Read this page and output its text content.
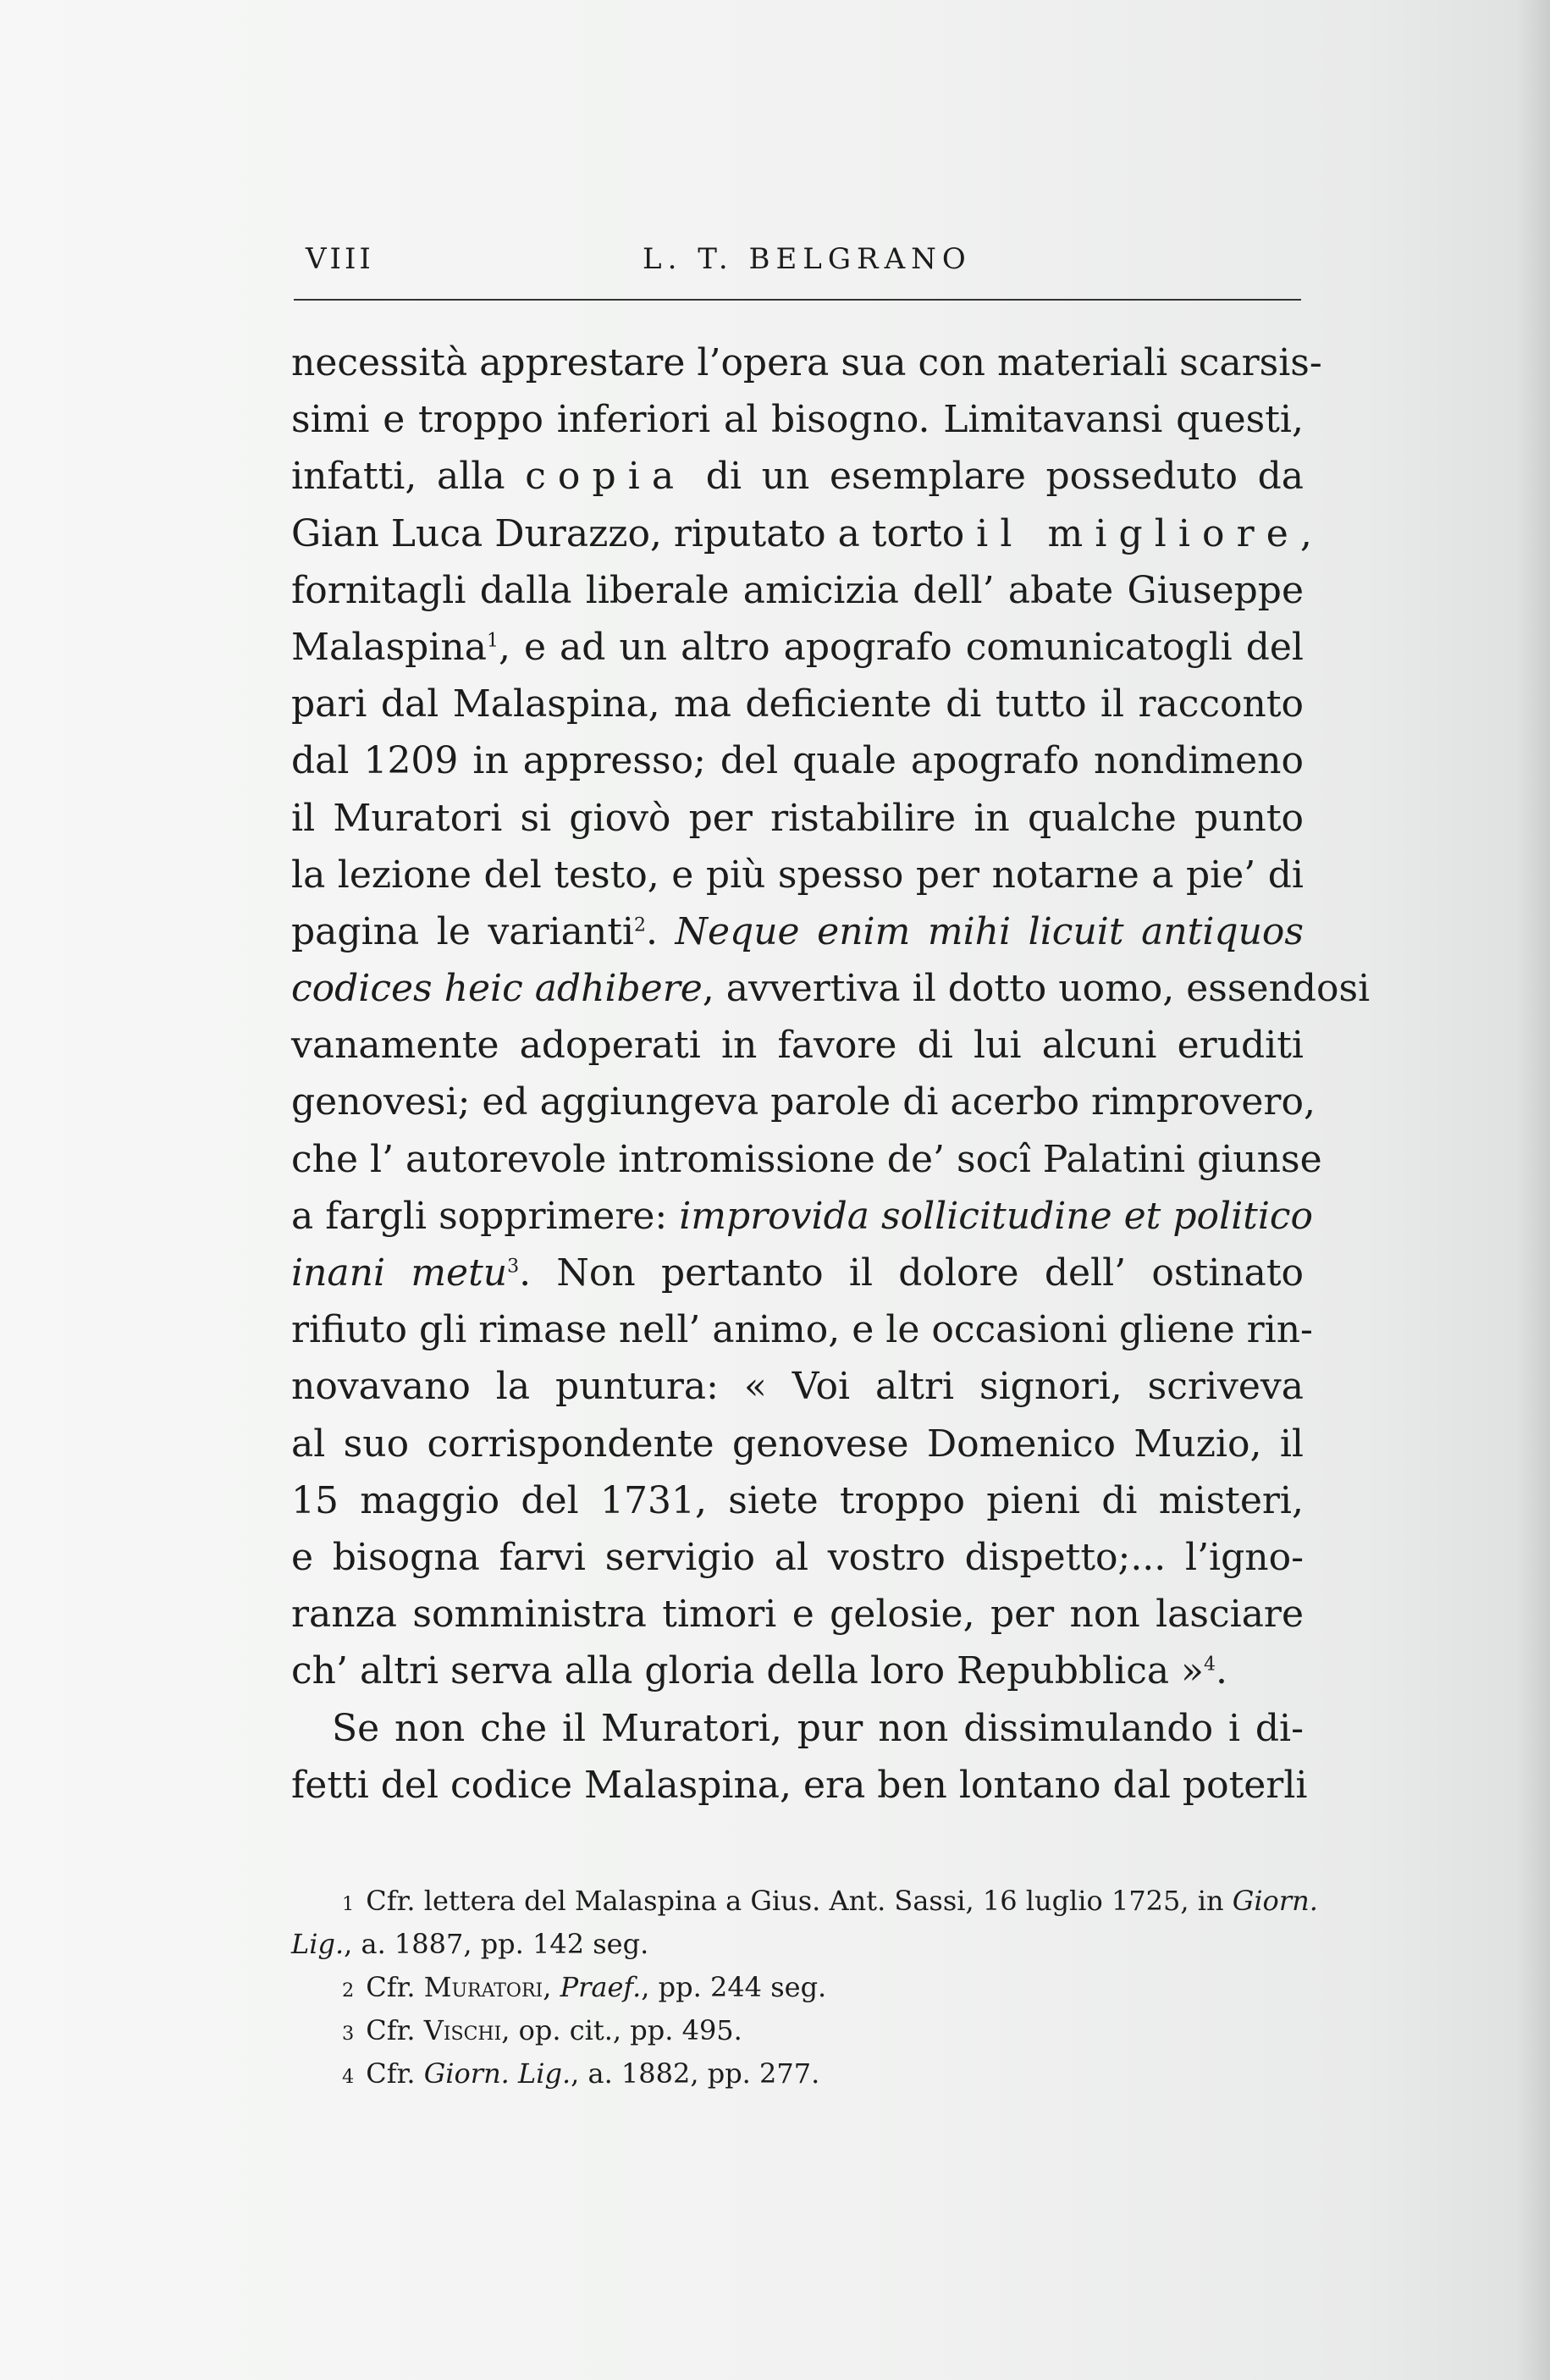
VIII	L. T. BELGRANO
necessità apprestare l’opera sua con materiali scarsis-
simi e troppo inferiori al bisogno. Limitavansi questi,
infatti, alla copia di un esemplare posseduto da
Gian Luca Durazzo, riputato a torto il migliore,
fornitagli dalla liberale amicizia dell’ abate Giuseppe
Malaspina$^1$, e ad un altro apografo comunicatogli del
pari dal Malaspina, ma deficiente di tutto il racconto
dal 1209 in appresso; del quale apografo nondimeno
il Muratori si giovò per ristabilire in qualche punto
la lezione del testo, e più spesso per notarne a pie’ di
pagina le varianti$^2$. Neque enim mihi licuit antiquos
codices heic adhibere, avvertiva il dotto uomo, essendosi
vanamente adoperati in favore di lui alcuni eruditi
genovesi; ed aggiungeva parole di acerbo rimprovero,
che l’ autorevole intromissione de’ socî Palatini giunse
a fargli sopprimere: improvida sollicitudine et politico
inani metu$^3$. Non pertanto il dolore dell’ ostinato
rifiuto gli rimase nell’ animo, e le occasioni gliene rin-
novavano la puntura: « Voi altri signori, scriveva
al suo corrispondente genovese Domenico Muzio, il
15 maggio del 1731, siete troppo pieni di misteri,
e bisogna farvi servigio al vostro dispetto;... l’igno-
ranza somministra timori e gelosie, per non lasciare
ch’ altri serva alla gloria della loro Repubblica »$^4$.
Se non che il Muratori, pur non dissimulando i di-
fetti del codice Malaspina, era ben lontano dal poterli
1 Cfr. lettera del Malaspina a Gius. Ant. Sassi, 16 luglio 1725, in Giorn.
Lig., a. 1887, pp. 142 seg.
2 Cfr. Muratori, Praef., pp. 244 seg.
3 Cfr. Vischi, op. cit., pp. 495.
4 Cfr. Giorn. Lig., a. 1882, pp. 277.
